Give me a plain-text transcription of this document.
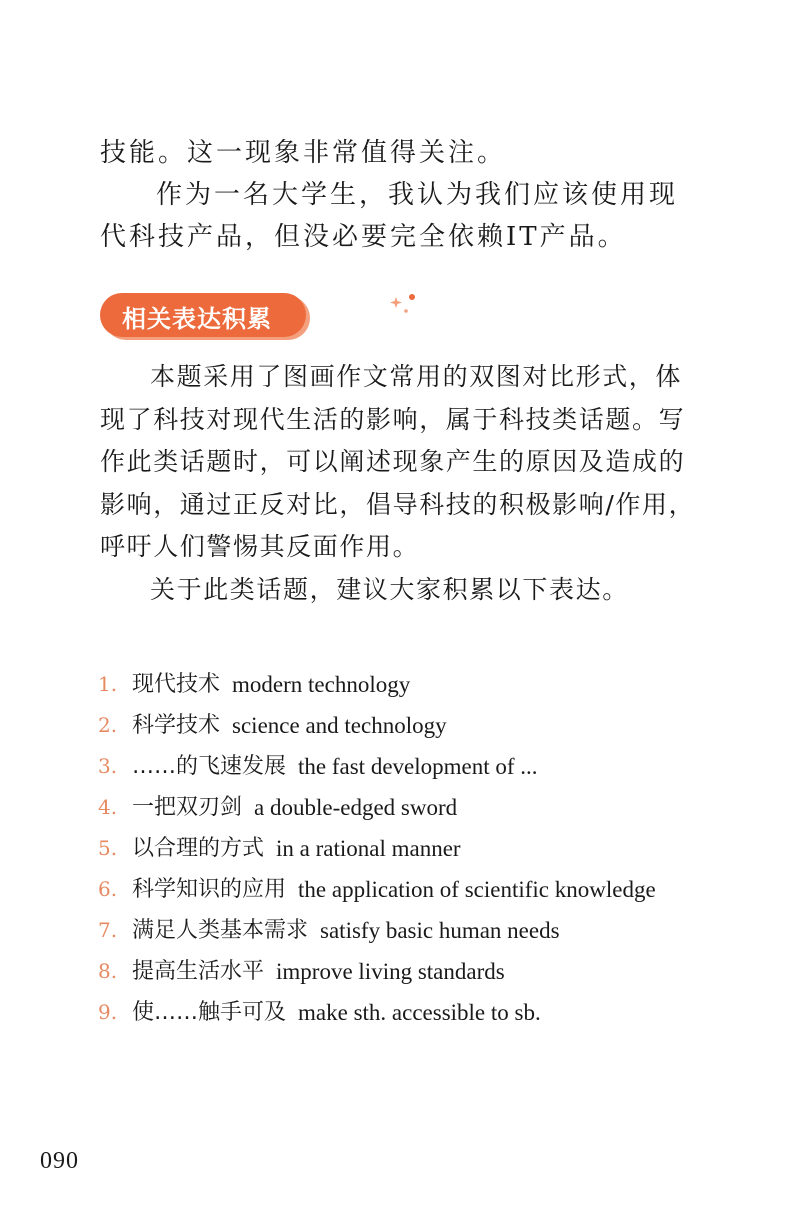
技能。这一现象非常值得关注。

作为一名大学生，我认为我们应该使用现代科技产品，但没必要完全依赖IT产品。

相关表达积累

本题采用了图画作文常用的双图对比形式，体现了科技对现代生活的影响，属于科技类话题。写作此类话题时，可以阐述现象产生的原因及造成的影响，通过正反对比，倡导科技的积极影响/作用，呼吁人们警惕其反面作用。

关于此类话题，建议大家积累以下表达。

1. 现代技术 modern technology
2. 科学技术 science and technology
3. ……的飞速发展 the fast development of ...
4. 一把双刃剑 a double-edged sword
5. 以合理的方式 in a rational manner
6. 科学知识的应用 the application of scientific knowledge
7. 满足人类基本需求 satisfy basic human needs
8. 提高生活水平 improve living standards
9. 使……触手可及 make sth. accessible to sb.
090
